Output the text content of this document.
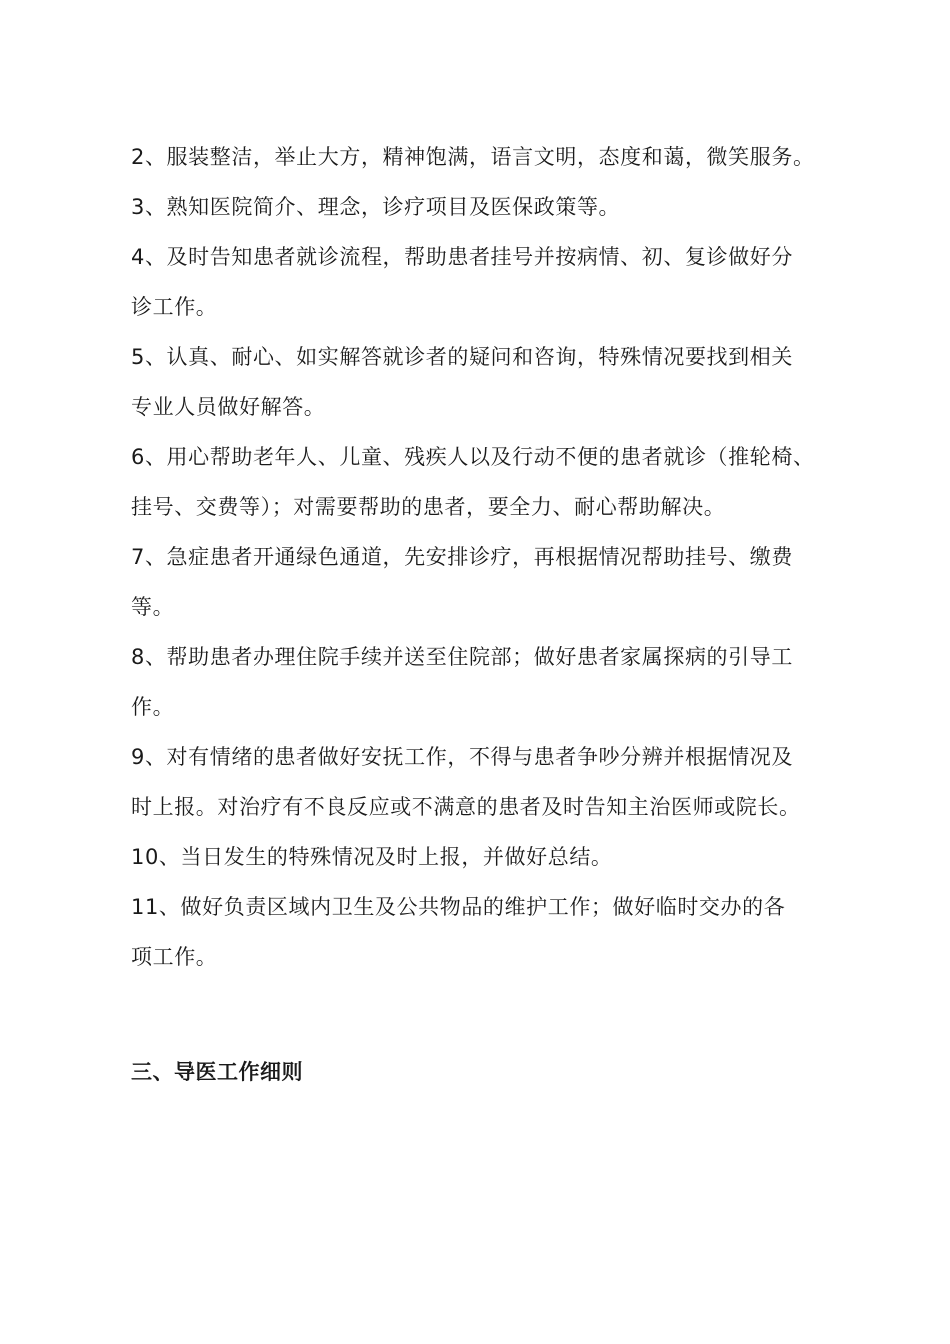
2、服装整洁，举止大方，精神饱满，语言文明，态度和蔼，微笑服务。

3、熟知医院简介、理念，诊疗项目及医保政策等。

4、及时告知患者就诊流程，帮助患者挂号并按病情、初、复诊做好分

诊工作。

5、认真、耐心、如实解答就诊者的疑问和咨询，特殊情况要找到相关

专业人员做好解答。

6、用心帮助老年人、儿童、残疾人以及行动不便的患者就诊（推轮椅、

挂号、交费等）；对需要帮助的患者，要全力、耐心帮助解决。

7、急症患者开通绿色通道，先安排诊疗，再根据情况帮助挂号、缴费

等。

8、帮助患者办理住院手续并送至住院部；做好患者家属探病的引导工

作。

9、对有情绪的患者做好安抚工作，不得与患者争吵分辨并根据情况及

时上报。对治疗有不良反应或不满意的患者及时告知主治医师或院长。

10、当日发生的特殊情况及时上报，并做好总结。

11、做好负责区域内卫生及公共物品的维护工作；做好临时交办的各

项工作。

三、导医工作细则
